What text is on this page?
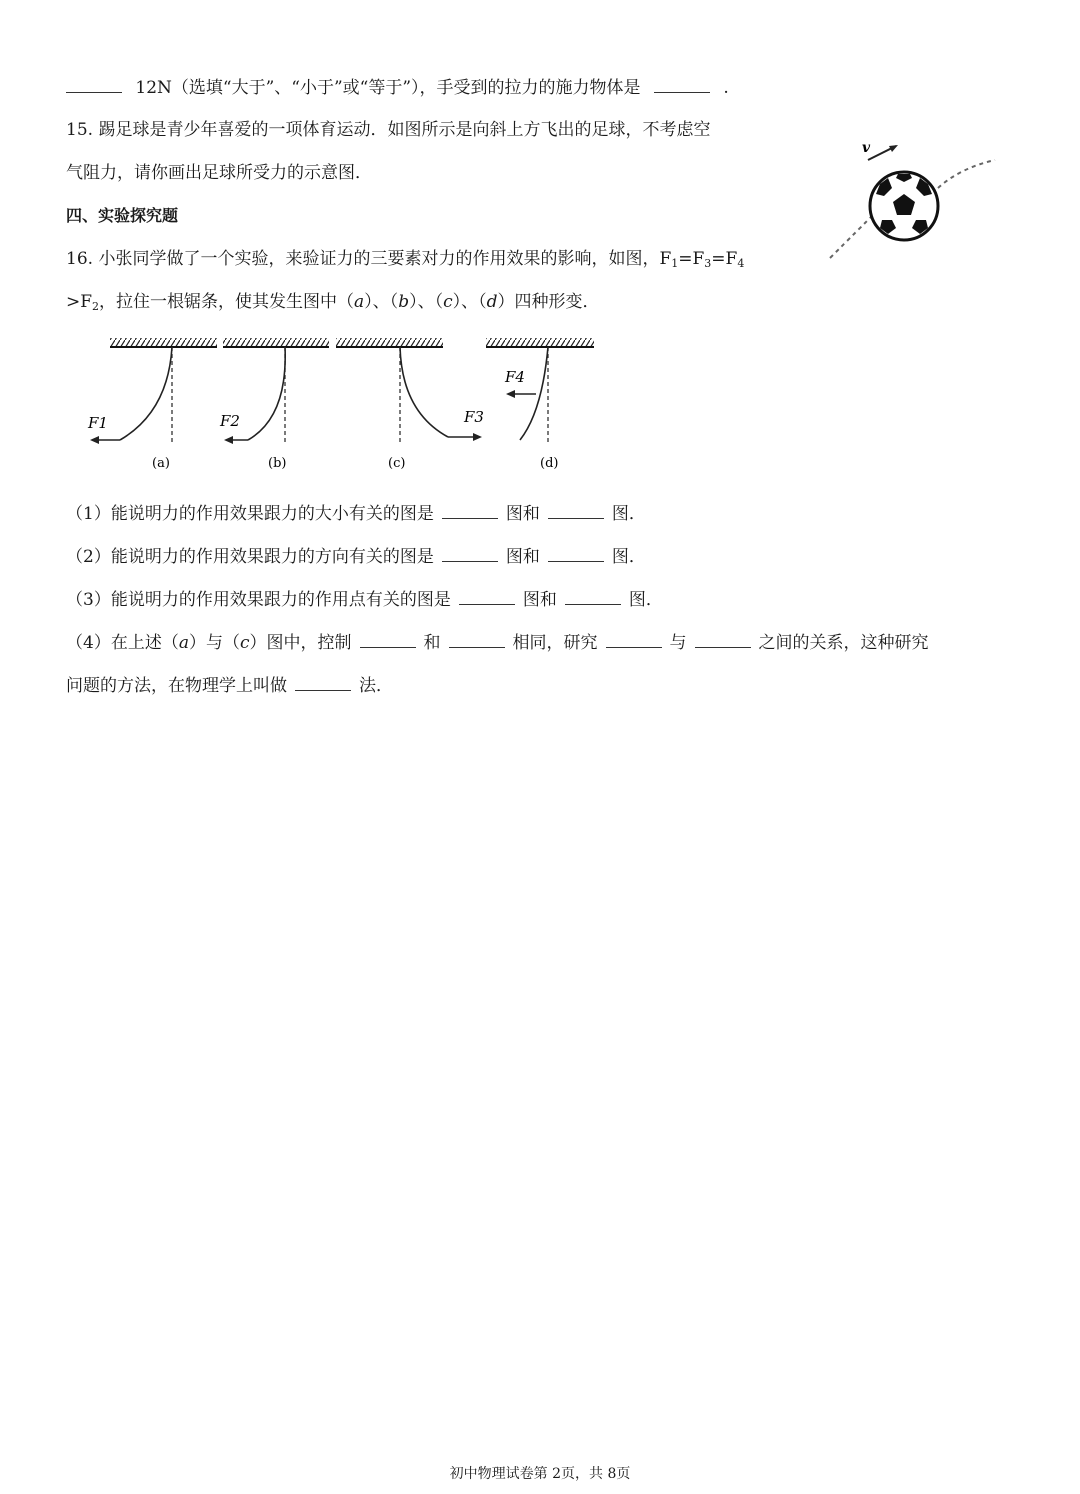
12N（选填“大于”、“小于”或“等于”），手受到的拉力的施力物体是	.
15. 踢足球是青少年喜爱的一项体育运动．如图所示是向斜上方飞出的足球，不考虑空
气阻力，请你画出足球所受力的示意图．
v
四、实验探究题
16. 小张同学做了一个实验，来验证力的三要素对力的作用效果的影响，如图，$F_1=F_3=F_4$
$>F_2$，拉住一根锯条，使其发生图中（a）、（b）、（c）、（d）四种形变．
F1
(a)
F2
(b)
F3
(c)
F4
(d)
（1）能说明力的作用效果跟力的大小有关的图是	图和	图．
（2）能说明力的作用效果跟力的方向有关的图是	图和	图．
（3）能说明力的作用效果跟力的作用点有关的图是	图和	图．
（4）在上述（a）与（c）图中，控制	和	相同，研究	与	之间的关系，这种研究
问题的方法，在物理学上叫做	法．
初中物理试卷第 2页，共 8页
